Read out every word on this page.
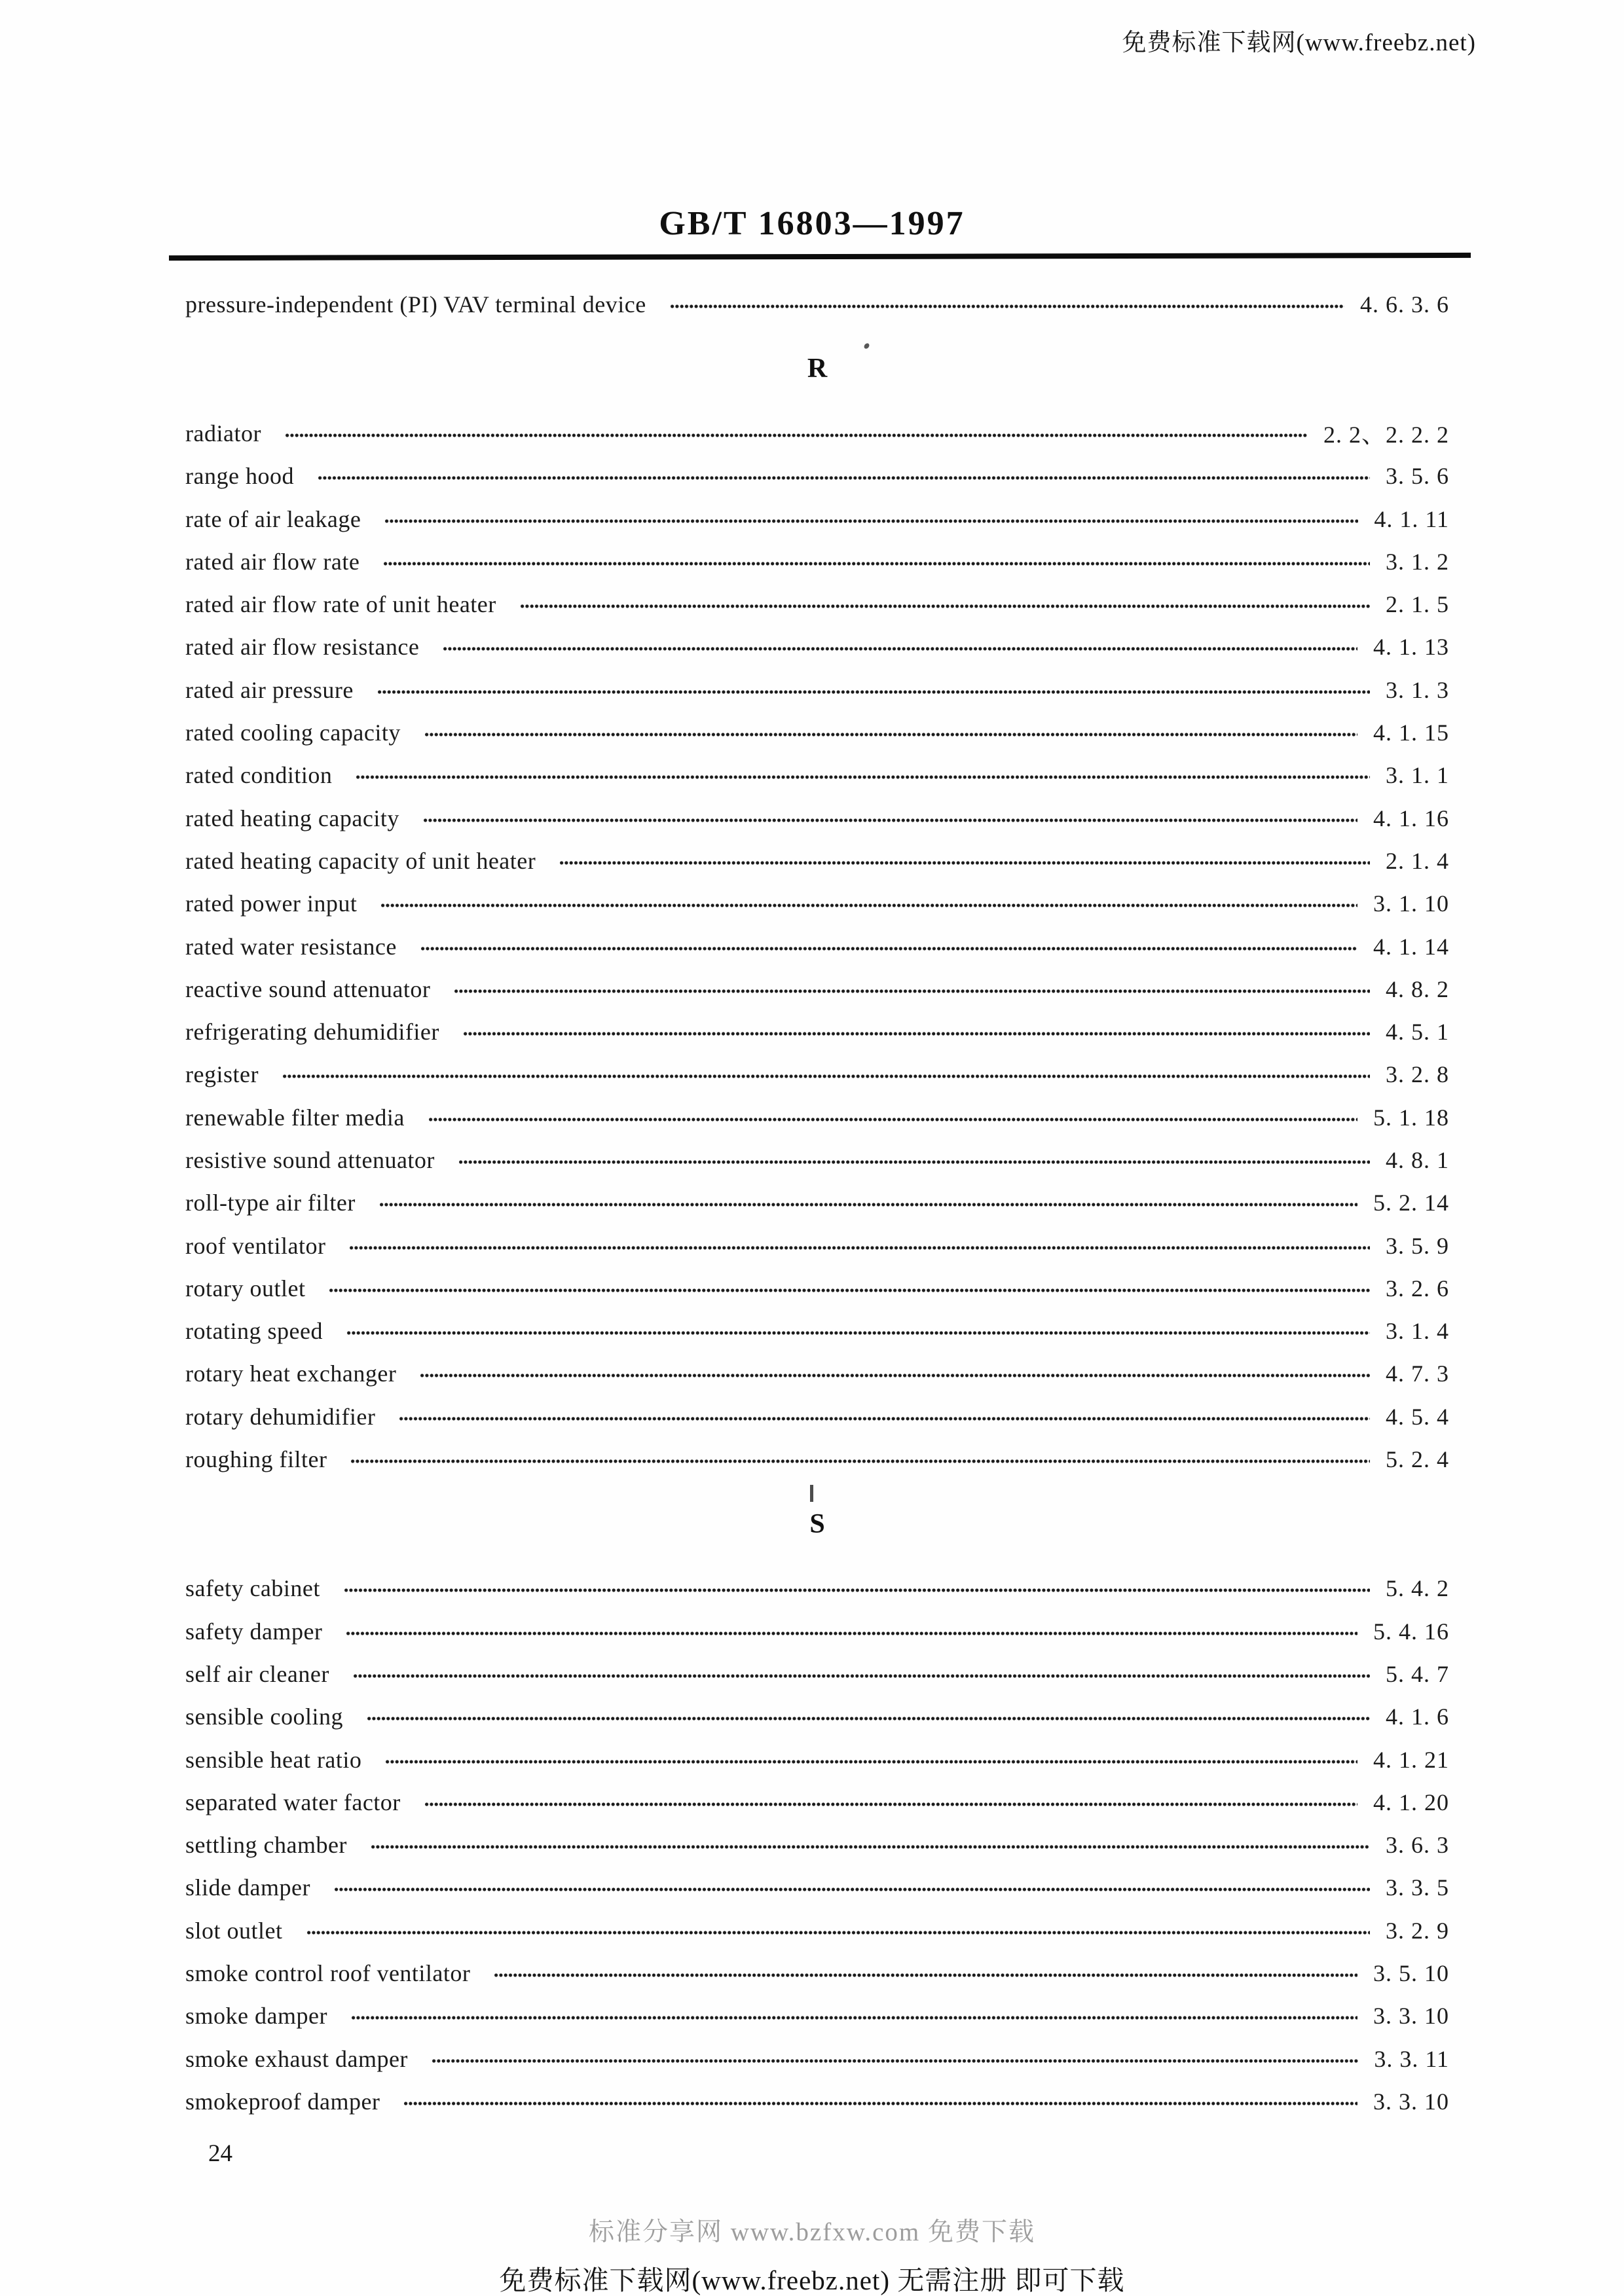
免费标准下载网(www.freebz.net)
GB/T 16803—1997
pressure-independent (PI) VAV terminal device	4. 6. 3. 6
R
radiator	2. 2、2. 2. 2
range hood	3. 5. 6
rate of air leakage	4. 1. 11
rated air flow rate	3. 1. 2
rated air flow rate of unit heater	2. 1. 5
rated air flow resistance	4. 1. 13
rated air pressure	3. 1. 3
rated cooling capacity	4. 1. 15
rated condition	3. 1. 1
rated heating capacity	4. 1. 16
rated heating capacity of unit heater	2. 1. 4
rated power input	3. 1. 10
rated water resistance	4. 1. 14
reactive sound attenuator	4. 8. 2
refrigerating dehumidifier	4. 5. 1
register	3. 2. 8
renewable filter media	5. 1. 18
resistive sound attenuator	4. 8. 1
roll-type air filter	5. 2. 14
roof ventilator	3. 5. 9
rotary outlet	3. 2. 6
rotating speed	3. 1. 4
rotary heat exchanger	4. 7. 3
rotary dehumidifier	4. 5. 4
roughing filter	5. 2. 4
S
safety cabinet	5. 4. 2
safety damper	5. 4. 16
self air cleaner	5. 4. 7
sensible cooling	4. 1. 6
sensible heat ratio	4. 1. 21
separated water factor	4. 1. 20
settling chamber	3. 6. 3
slide damper	3. 3. 5
slot outlet	3. 2. 9
smoke control roof ventilator	3. 5. 10
smoke damper	3. 3. 10
smoke exhaust damper	3. 3. 11
smokeproof damper	3. 3. 10
24
标准分享网 www.bzfxw.com 免费下载
免费标准下载网(www.freebz.net) 无需注册 即可下载
